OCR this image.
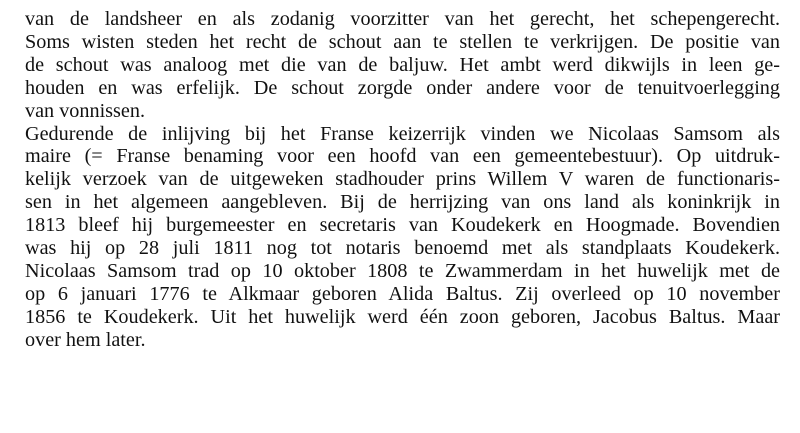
van de landsheer en als zodanig voorzitter van het gerecht, het schepengerecht.
Soms wisten steden het recht de schout aan te stellen te verkrijgen. De positie van
de schout was analoog met die van de baljuw. Het ambt werd dikwijls in leen ge-
houden en was erfelijk. De schout zorgde onder andere voor de tenuitvoerlegging
van vonnissen.
Gedurende de inlijving bij het Franse keizerrijk vinden we Nicolaas Samsom als
maire (= Franse benaming voor een hoofd van een gemeentebestuur). Op uitdruk-
kelijk verzoek van de uitgeweken stadhouder prins Willem V waren de functionaris-
sen in het algemeen aangebleven. Bij de herrijzing van ons land als koninkrijk in
1813 bleef hij burgemeester en secretaris van Koudekerk en Hoogmade. Bovendien
was hij op 28 juli 1811 nog tot notaris benoemd met als standplaats Koudekerk.
Nicolaas Samsom trad op 10 oktober 1808 te Zwammerdam in het huwelijk met de
op 6 januari 1776 te Alkmaar geboren Alida Baltus. Zij overleed op 10 november
1856 te Koudekerk. Uit het huwelijk werd één zoon geboren, Jacobus Baltus. Maar
over hem later.
